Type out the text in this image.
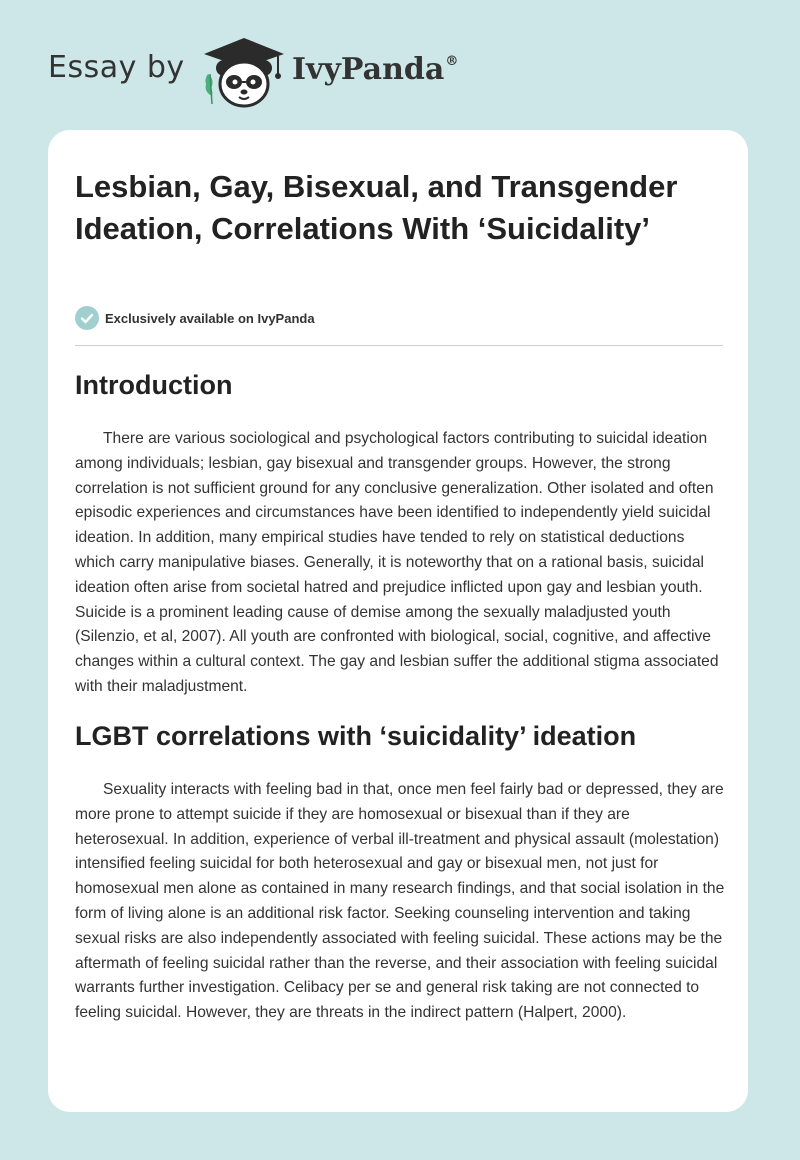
Essay by	IvyPanda®
Lesbian, Gay, Bisexual, and Transgender Ideation, Correlations With ‘Suicidality’
Exclusively available on IvyPanda
Introduction

There are various sociological and psychological factors contributing to suicidal ideation among individuals; lesbian, gay bisexual and transgender groups. However, the strong correlation is not sufficient ground for any conclusive generalization. Other isolated and often episodic experiences and circumstances have been identified to independently yield suicidal ideation. In addition, many empirical studies have tended to rely on statistical deductions which carry manipulative biases. Generally, it is noteworthy that on a rational basis, suicidal ideation often arise from societal hatred and prejudice inflicted upon gay and lesbian youth. Suicide is a prominent leading cause of demise among the sexually maladjusted youth (Silenzio, et al, 2007). All youth are confronted with biological, social, cognitive, and affective changes within a cultural context. The gay and lesbian suffer the additional stigma associated with their maladjustment.

LGBT correlations with ‘suicidality’ ideation

Sexuality interacts with feeling bad in that, once men feel fairly bad or depressed, they are more prone to attempt suicide if they are homosexual or bisexual than if they are heterosexual. In addition, experience of verbal ill-treatment and physical assault (molestation) intensified feeling suicidal for both heterosexual and gay or bisexual men, not just for homosexual men alone as contained in many research findings, and that social isolation in the form of living alone is an additional risk factor. Seeking counseling intervention and taking sexual risks are also independently associated with feeling suicidal. These actions may be the aftermath of feeling suicidal rather than the reverse, and their association with feeling suicidal warrants further investigation. Celibacy per se and general risk taking are not connected to feeling suicidal. However, they are threats in the indirect pattern (Halpert, 2000).
